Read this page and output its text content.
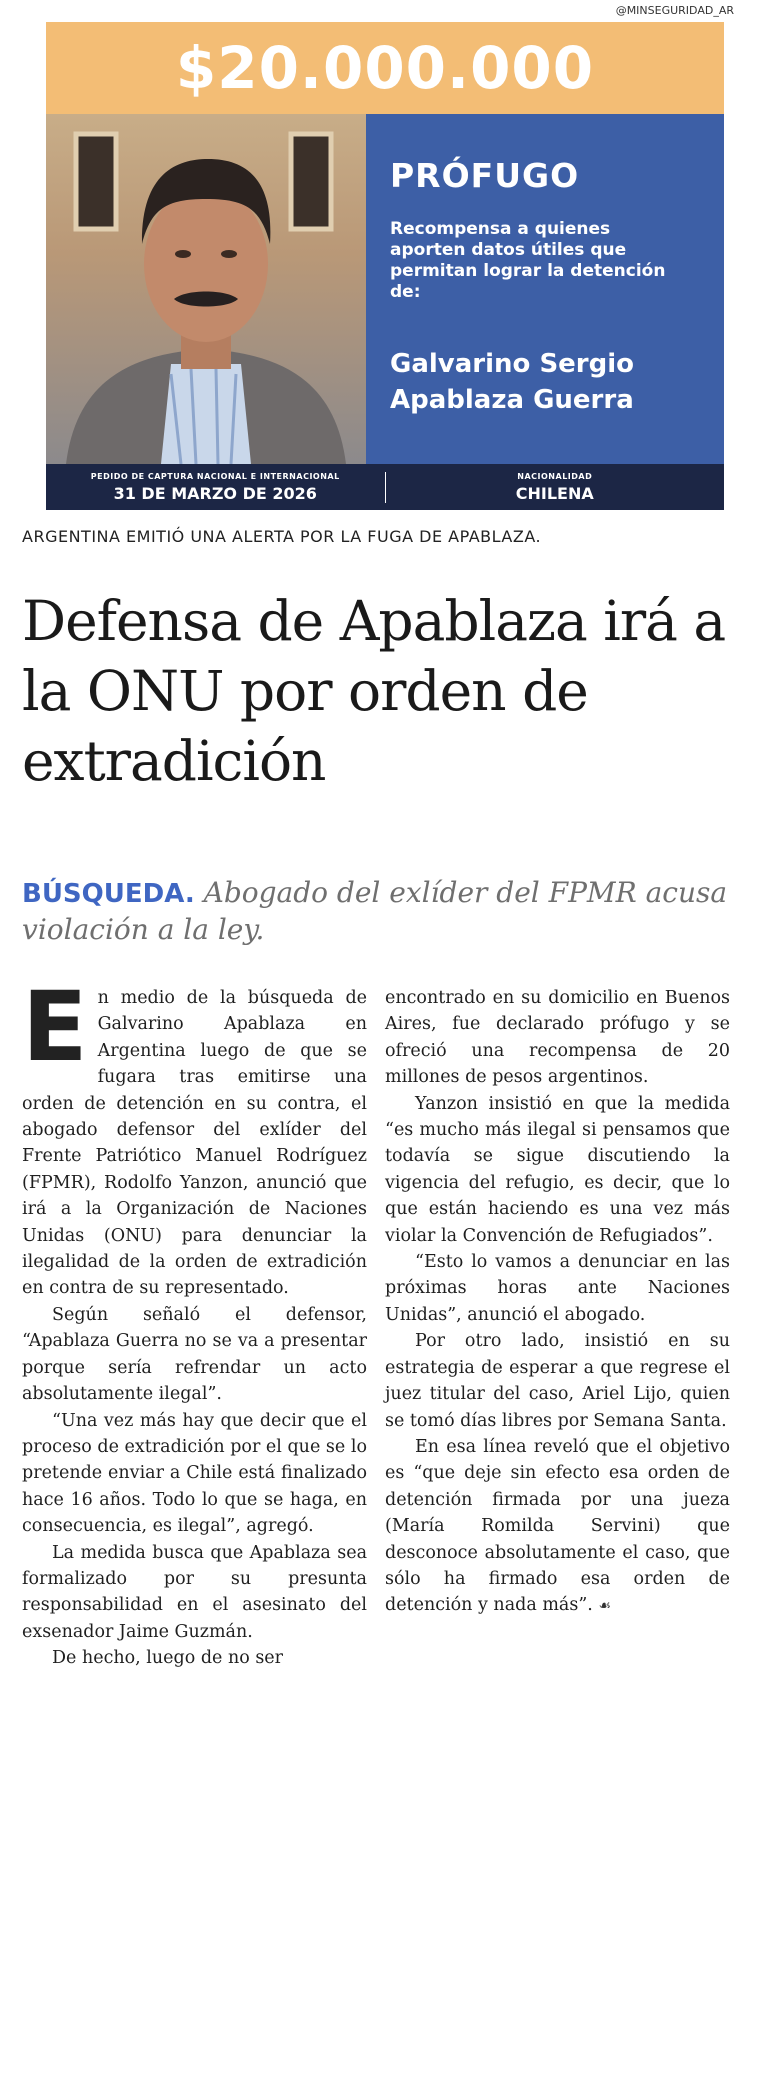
@MINSEGURIDAD_AR
$20.000.000
PRÓFUGO
Recompensa a quienes aporten datos útiles que permitan lograr la detención de:
Galvarino Sergio Apablaza Guerra
PEDIDO DE CAPTURA NACIONAL E INTERNACIONAL
31 DE MARZO DE 2026
NACIONALIDAD
CHILENA
ARGENTINA EMITIÓ UNA ALERTA POR LA FUGA DE APABLAZA.
Defensa de Apablaza irá a la ONU por orden de extradición
BÚSQUEDA. Abogado del exlíder del FPMR acusa violación a la ley.

En medio de la búsqueda de Galvarino Apablaza en Argentina luego de que se fugara tras emitirse una orden de detención en su contra, el abogado defensor del exlíder del Frente Patriótico Manuel Rodríguez (FPMR), Rodolfo Yanzon, anunció que irá a la Organización de Naciones Unidas (ONU) para denunciar la ilegalidad de la orden de extradición en contra de su representado.

Según señaló el defensor, “Apablaza Guerra no se va a presentar porque sería refrendar un acto absolutamente ilegal”.

“Una vez más hay que decir que el proceso de extradición por el que se lo pretende enviar a Chile está finalizado hace 16 años. Todo lo que se haga, en consecuencia, es ilegal”, agregó.

La medida busca que Apablaza sea formalizado por su presunta responsabilidad en el asesinato del exsenador Jaime Guzmán.

De hecho, luego de no ser

encontrado en su domicilio en Buenos Aires, fue declarado prófugo y se ofreció una recompensa de 20 millones de pesos argentinos.

Yanzon insistió en que la medida “es mucho más ilegal si pensamos que todavía se sigue discutiendo la vigencia del refugio, es decir, que lo que están haciendo es una vez más violar la Convención de Refugiados”.

“Esto lo vamos a denunciar en las próximas horas ante Naciones Unidas”, anunció el abogado.

Por otro lado, insistió en su estrategia de esperar a que regrese el juez titular del caso, Ariel Lijo, quien se tomó días libres por Semana Santa.

En esa línea reveló que el objetivo es “que deje sin efecto esa orden de detención firmada por una jueza (María Romilda Servini) que desconoce absolutamente el caso, que sólo ha firmado esa orden de detención y nada más”. ☙
